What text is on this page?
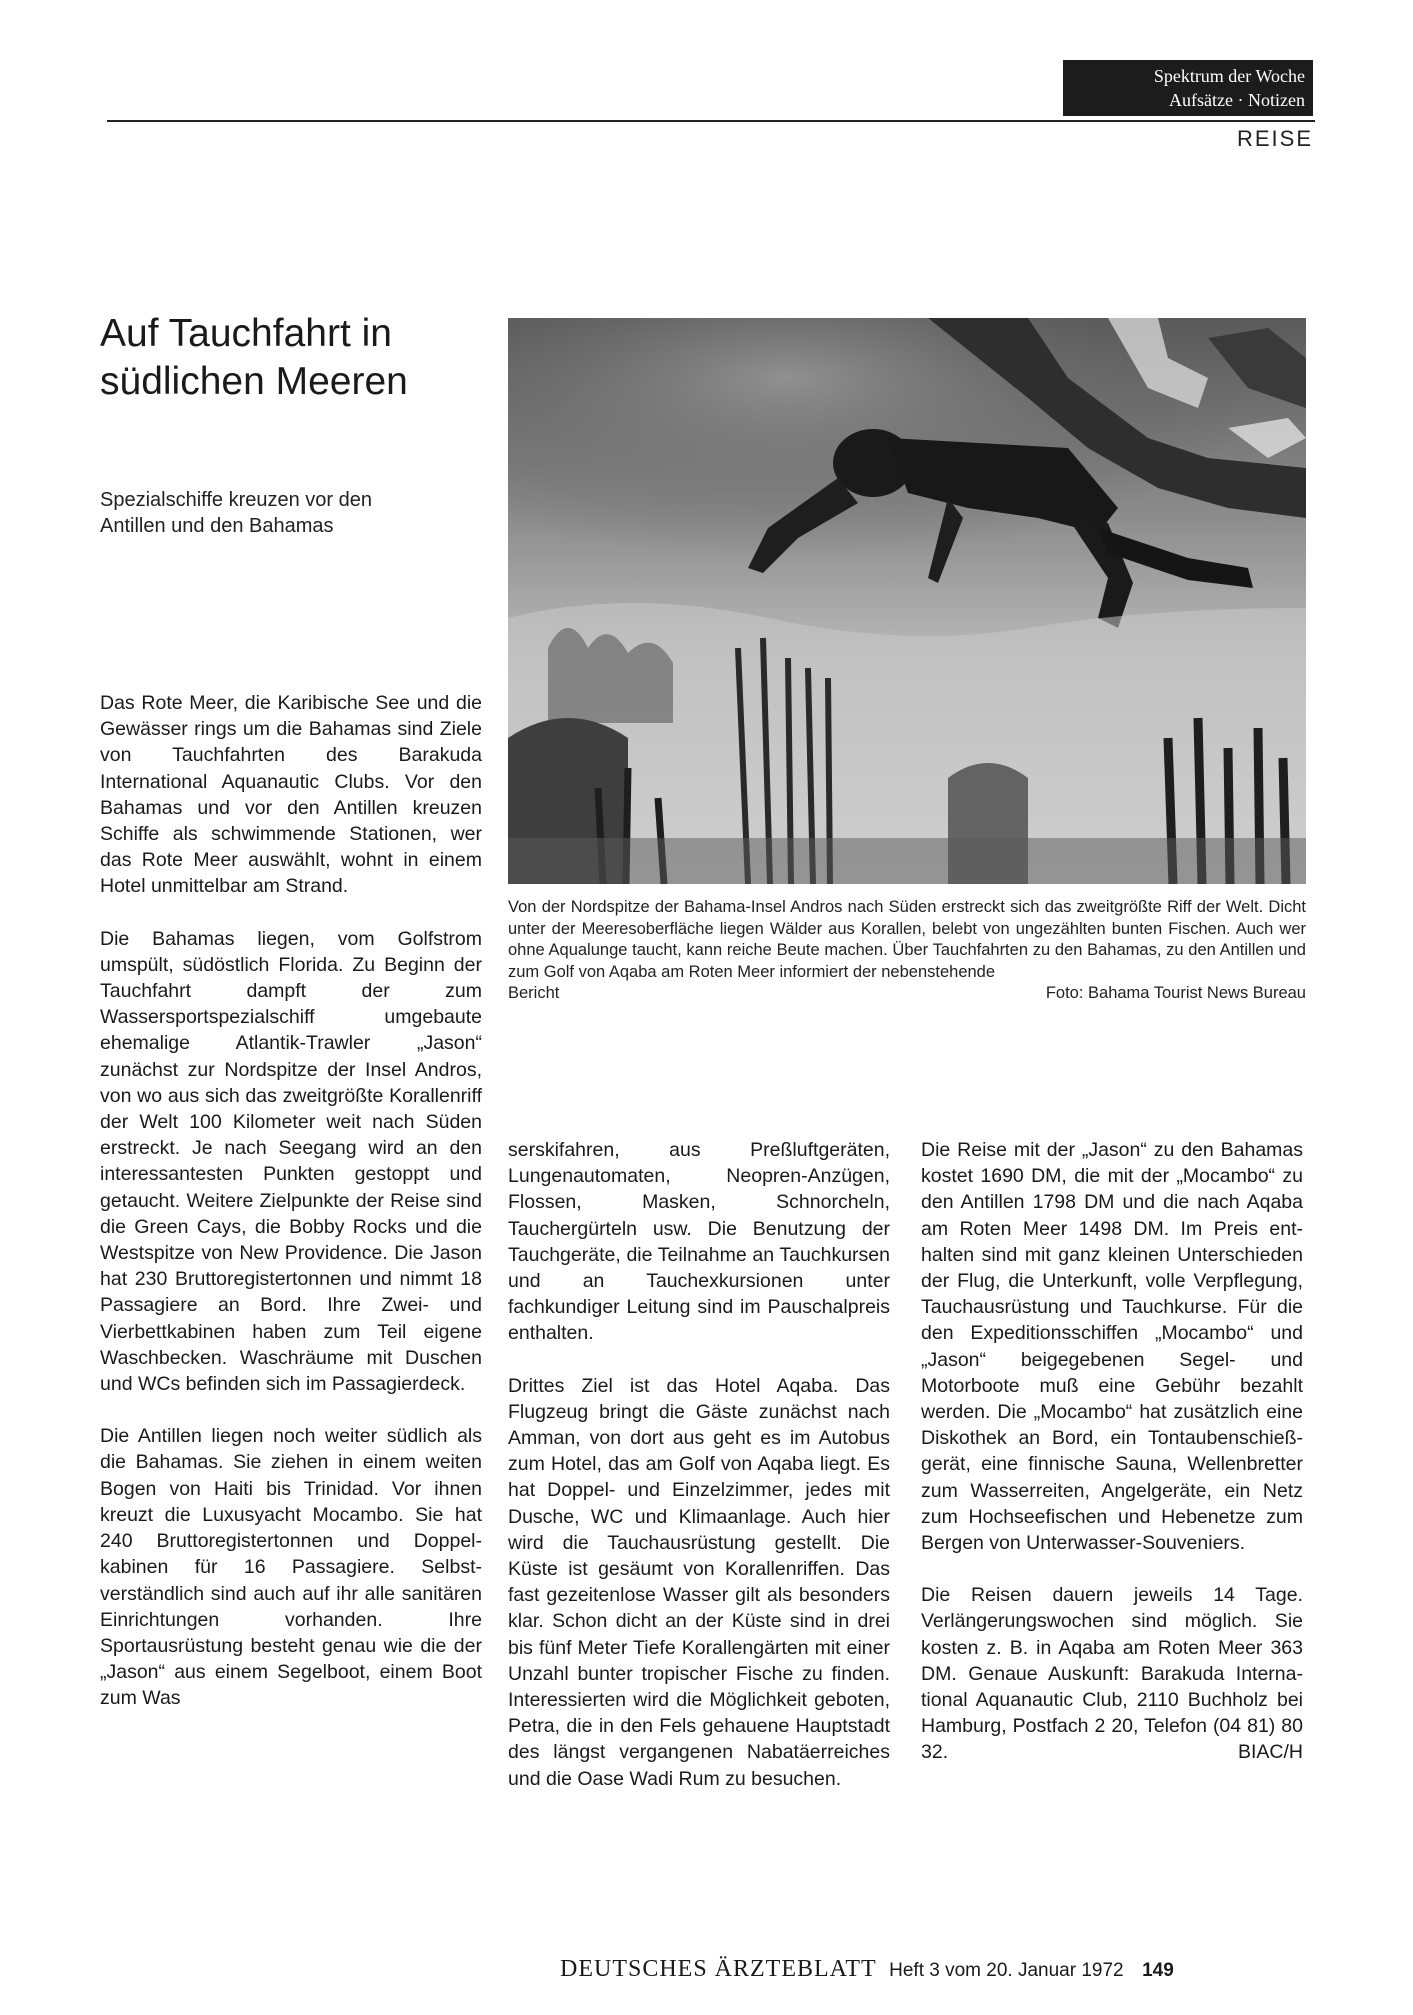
Spektrum der Woche
Aufsätze · Notizen
REISE
Auf Tauchfahrt in südlichen Meeren
Spezialschiffe kreuzen vor den Antillen und den Bahamas
Von der Nordspitze der Bahama-Insel Andros nach Süden erstreckt sich das zweitgrößte Riff der Welt. Dicht unter der Meeresoberfläche liegen Wälder aus Korallen, belebt von ungezählten bunten Fischen. Auch wer ohne Aqualunge taucht, kann reiche Beute machen. Über Tauchfahrten zu den Bahamas, zu den Antillen und zum Golf von Aqaba am Roten Meer informiert der nebenstehende
Bericht	Foto: Bahama Tourist News Bureau

Das Rote Meer, die Karibische See und die Gewässer rings um die Bahamas sind Ziele von Tauchfahrten des Barakuda International Aquanautic Clubs. Vor den Bahamas und vor den Antillen kreuzen Schiffe als schwimmende Stationen, wer das Rote Meer auswählt, wohnt in einem Hotel unmittelbar am Strand.

Die Bahamas liegen, vom Golfstrom umspült, südöstlich Florida. Zu Beginn der Tauchfahrt dampft der zum Wassersportspezialschiff umgebaute ehemalige Atlantik-Trawler „Jason“ zunächst zur Nordspitze der Insel Andros, von wo aus sich das zweitgrößte Korallenriff der Welt 100 Kilometer weit nach Süden erstreckt. Je nach Seegang wird an den interessantesten Punkten gestoppt und getaucht. Weitere Zielpunkte der Reise sind die Green Cays, die Bobby Rocks und die Westspitze von New Providence. Die Jason hat 230 Bruttoregistertonnen und nimmt 18 Passagiere an Bord. Ihre Zwei- und Vierbettkabinen haben zum Teil eigene Waschbecken. Waschräume mit Duschen und WCs befinden sich im Passagierdeck.

Die Antillen liegen noch weiter südlich als die Bahamas. Sie ziehen in einem weiten Bogen von Haiti bis Trinidad. Vor ihnen kreuzt die Luxusyacht Mocambo. Sie hat 240 Bruttoregistertonnen und Doppelkabinen für 16 Passagiere. Selbstverständlich sind auch auf ihr alle sanitären Einrichtungen vorhanden. Ihre Sportausrüstung besteht genau wie die der „Jason“ aus einem Segelboot, einem Boot zum Was

serskifahren, aus Preßluftgeräten, Lungenautomaten, Neopren-Anzügen, Flossen, Masken, Schnorcheln, Tauchergürteln usw. Die Benutzung der Tauchgeräte, die Teilnahme an Tauchkursen und an Tauchexkursionen unter fachkundiger Leitung sind im Pauschalpreis enthalten.

Drittes Ziel ist das Hotel Aqaba. Das Flugzeug bringt die Gäste zunächst nach Amman, von dort aus geht es im Autobus zum Hotel, das am Golf von Aqaba liegt. Es hat Doppel- und Einzelzimmer, jedes mit Dusche, WC und Klimaanlage. Auch hier wird die Tauchausrüstung gestellt. Die Küste ist gesäumt von Korallenriffen. Das fast gezeitenlose Wasser gilt als besonders klar. Schon dicht an der Küste sind in drei bis fünf Meter Tiefe Korallengärten mit einer Unzahl bunter tropischer Fische zu finden. Interessierten wird die Möglichkeit geboten, Petra, die in den Fels gehauene Hauptstadt des längst vergangenen Nabatäerreiches und die Oase Wadi Rum zu besuchen.

Die Reise mit der „Jason“ zu den Bahamas kostet 1690 DM, die mit der „Mocambo“ zu den Antillen 1798 DM und die nach Aqaba am Roten Meer 1498 DM. Im Preis enthalten sind mit ganz kleinen Unterschieden der Flug, die Unterkunft, volle Verpflegung, Tauchausrüstung und Tauchkurse. Für die den Expeditionsschiffen „Mocambo“ und „Jason“ beigegebenen Segel- und Motorboote muß eine Gebühr bezahlt werden. Die „Mocambo“ hat zusätzlich eine Diskothek an Bord, ein Tontaubenschießgerät, eine finnische Sauna, Wellenbretter zum Wasserreiten, Angelgeräte, ein Netz zum Hochseefischen und Hebenetze zum Bergen von Unterwasser-Souveniers.

Die Reisen dauern jeweils 14 Tage. Verlängerungswochen sind möglich. Sie kosten z. B. in Aqaba am Roten Meer 363 DM. Genaue Auskunft: Barakuda International Aquanautic Club, 2110 Buchholz bei Hamburg, Postfach 2 20, Telefon (04 81) 80 32.	BIAC/H

DEUTSCHES ÄRZTEBLATT Heft 3 vom 20. Januar 1972 149
